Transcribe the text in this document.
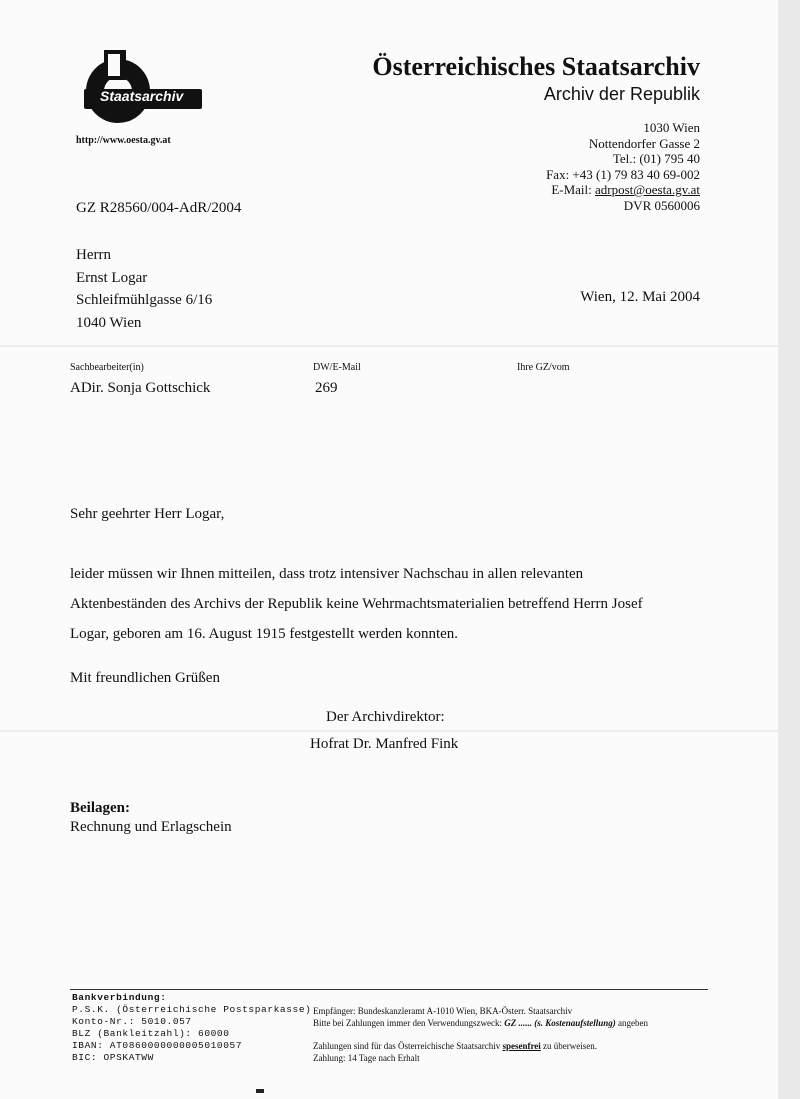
Staatsarchiv
http://www.oesta.gv.at
Österreichisches Staatsarchiv
Archiv der Republik
1030 Wien
Nottendorfer Gasse 2
Tel.: (01) 795 40
Fax: +43 (1) 79 83 40 69-002
E-Mail: adrpost@oesta.gv.at
DVR 0560006
GZ R28560/004-AdR/2004
Herrn
Ernst Logar
Schleifmühlgasse 6/16
1040 Wien
Wien, 12. Mai 2004
Sachbearbeiter(in)	DW/E-Mail	Ihre GZ/vom
ADir. Sonja Gottschick	269
Sehr geehrter Herr Logar,
leider müssen wir Ihnen mitteilen, dass trotz intensiver Nachschau in allen relevanten
Aktenbeständen des Archivs der Republik keine Wehrmachtsmaterialien betreffend Herrn Josef
Logar, geboren am 16. August 1915 festgestellt werden konnten.
Mit freundlichen Grüßen
Der Archivdirektor:
Hofrat Dr. Manfred Fink
Beilagen:
Rechnung und Erlagschein
Bankverbindung:
P.S.K. (Österreichische Postsparkasse)
Konto-Nr.: 5010.057
BLZ (Bankleitzahl): 60000
IBAN: AT0860000000005010057
BIC: OPSKATWW
Empfänger: Bundeskanzleramt A-1010 Wien, BKA-Österr. Staatsarchiv
Bitte bei Zahlungen immer den Verwendungszweck: GZ ...... (s. Kostenaufstellung) angeben
Zahlungen sind für das Österreichische Staatsarchiv spesenfrei zu überweisen.
Zahlung: 14 Tage nach Erhalt
